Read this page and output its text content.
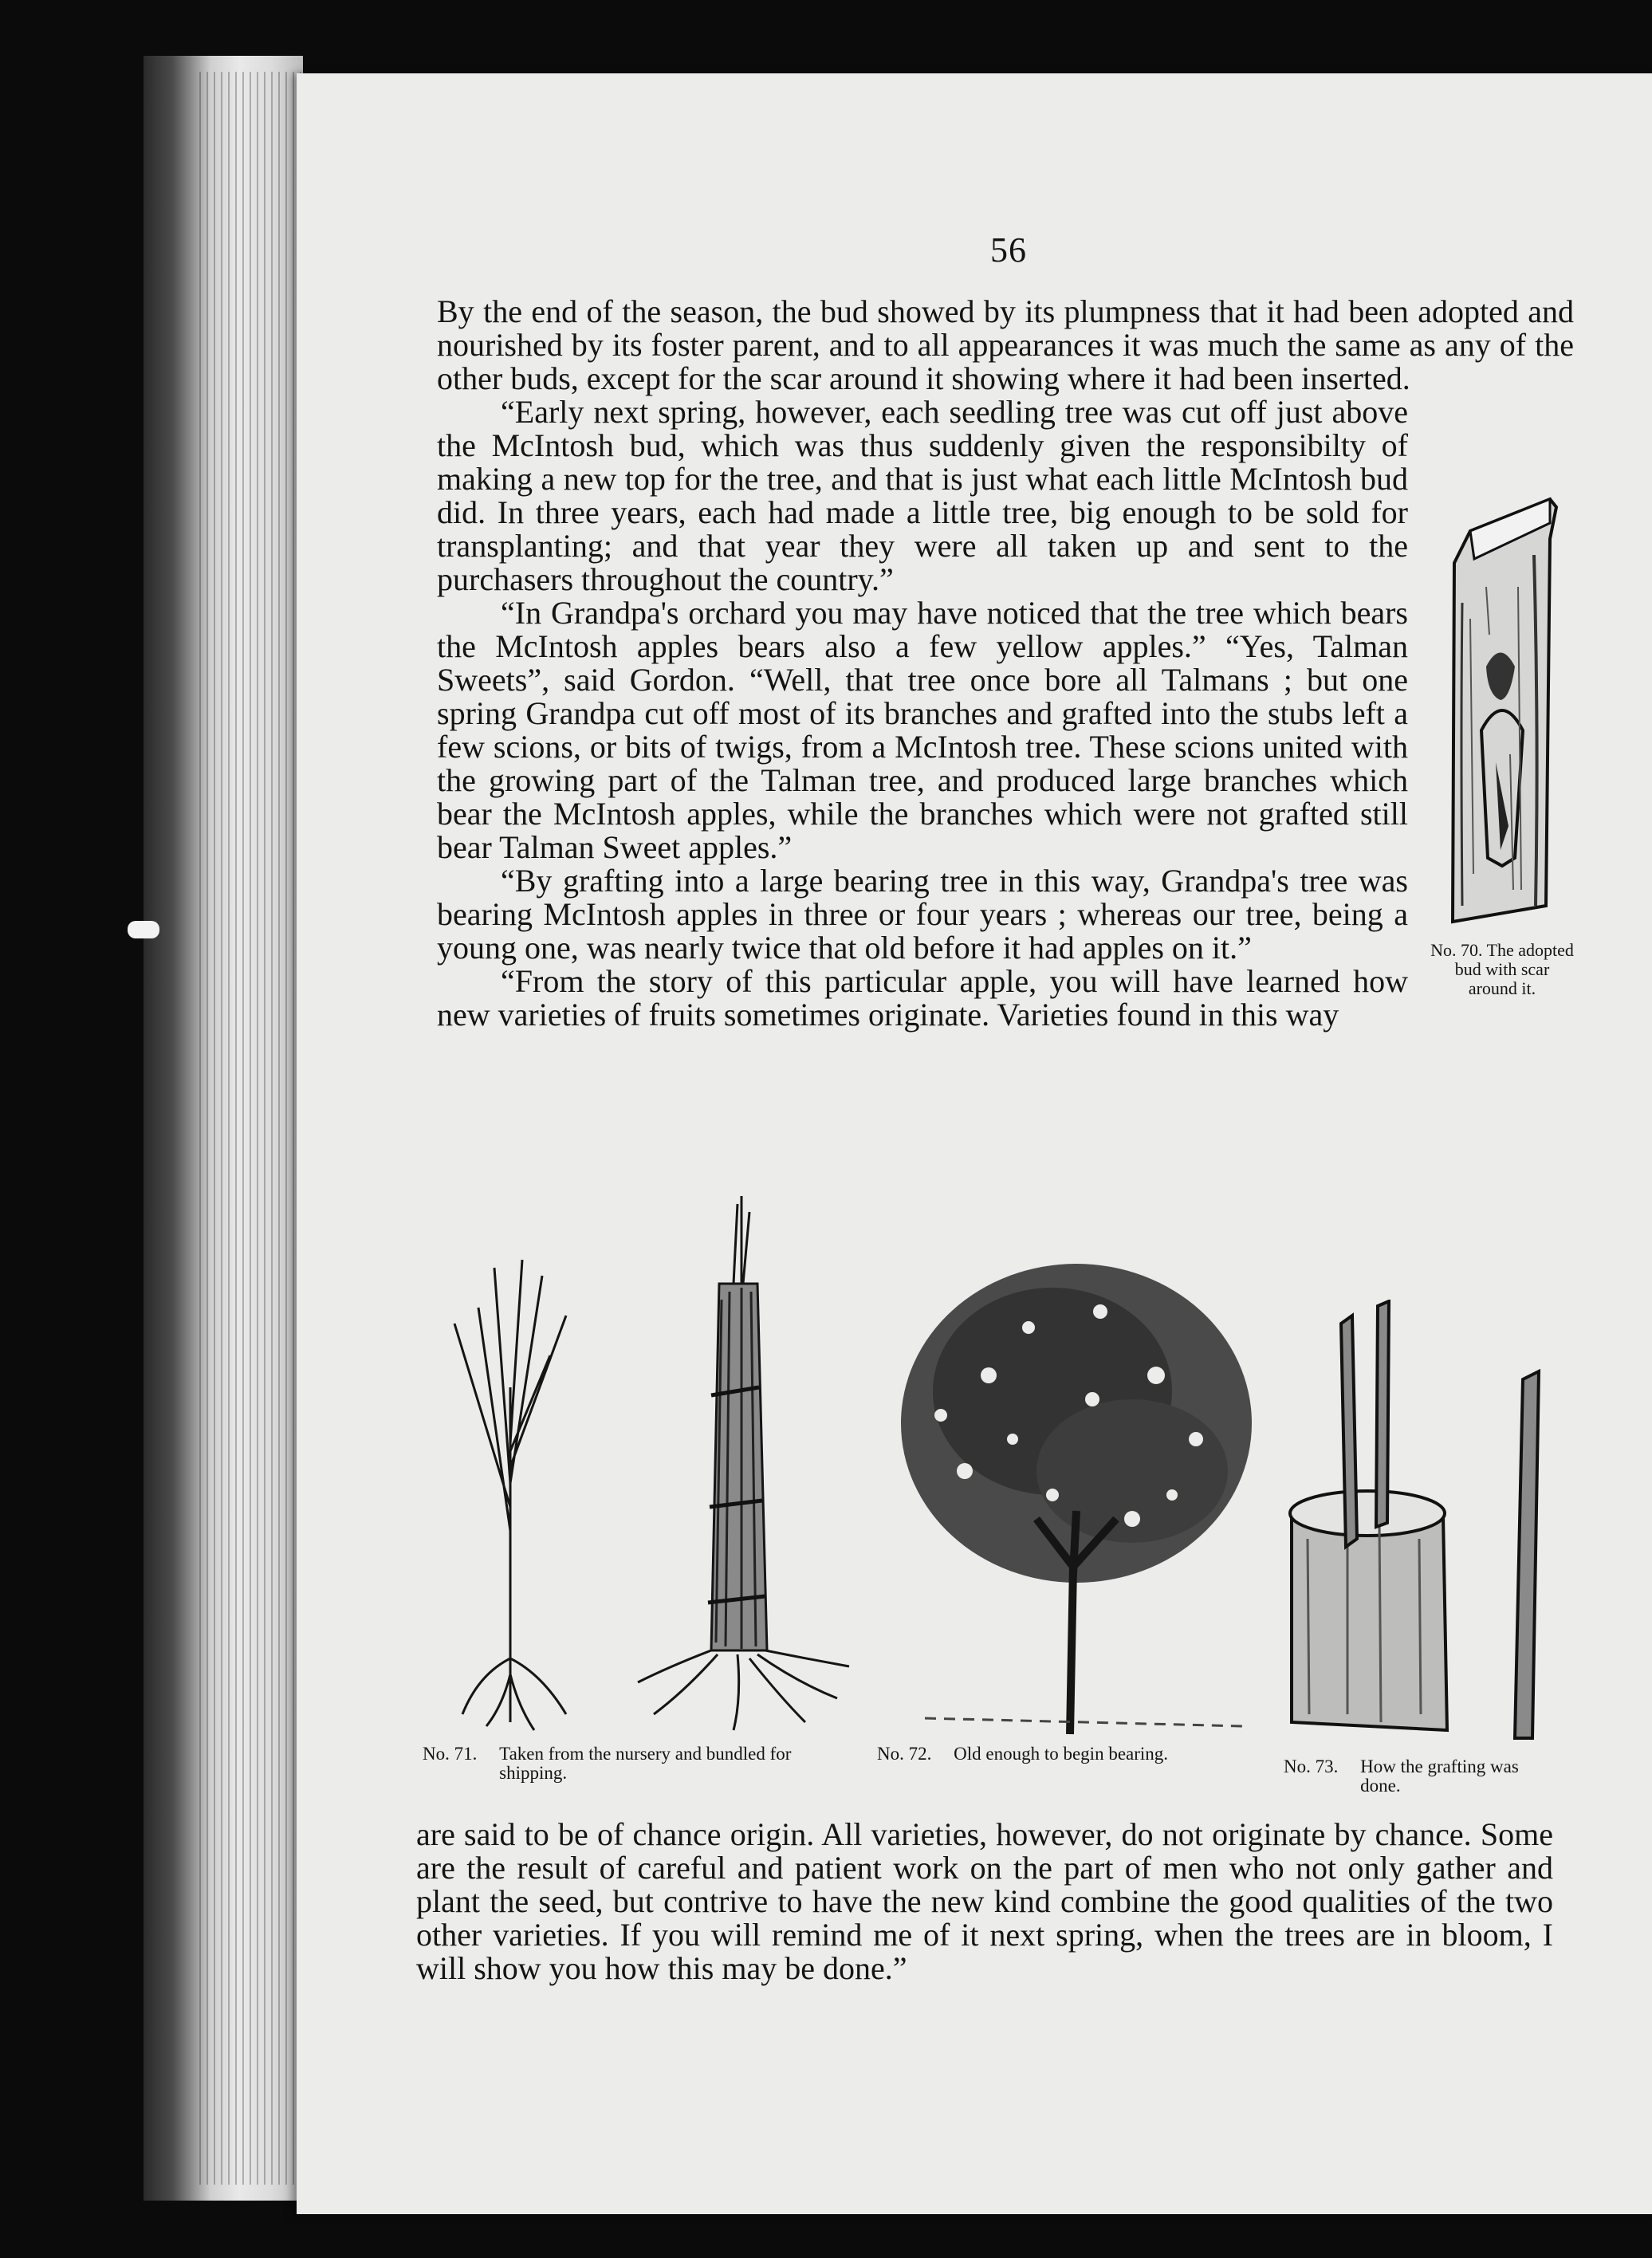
56

By the end of the season, the bud showed by its plumpness that it had been adopted and nourished by its foster parent, and to all appearances it was much the same as any of the other buds, except for the scar around it showing where it had been inserted.

No. 70. The adopted bud with scar around it.

“Early next spring, however, each seedling tree was cut off just above the McIntosh bud, which was thus suddenly given the responsibilty of making a new top for the tree, and that is just what each little McIntosh bud did. In three years, each had made a little tree, big enough to be sold for transplanting; and that year they were all taken up and sent to the purchasers throughout the country.”

“In Grandpa's orchard you may have noticed that the tree which bears the McIntosh apples bears also a few yellow apples.” “Yes, Talman Sweets”, said Gordon. “Well, that tree once bore all Talmans ; but one spring Grandpa cut off most of its branches and grafted into the stubs left a few scions, or bits of twigs, from a McIntosh tree. These scions united with the growing part of the Talman tree, and produced large branches which bear the McIntosh apples, while the branches which were not grafted still bear Talman Sweet apples.”

“By grafting into a large bearing tree in this way, Grandpa's tree was bearing McIntosh apples in three or four years ; whereas our tree, being a young one, was nearly twice that old before it had apples on it.”

“From the story of this particular apple, you will have learned how new varieties of fruits sometimes originate. Varieties found in this way

No. 71. Taken from the nursery and bundled for shipping.
No. 72. Old enough to begin bearing.
No. 73. How the grafting was done.

are said to be of chance origin. All varieties, however, do not originate by chance. Some are the result of careful and patient work on the part of men who not only gather and plant the seed, but contrive to have the new kind combine the good qualities of the two other varieties. If you will remind me of it next spring, when the trees are in bloom, I will show you how this may be done.”
